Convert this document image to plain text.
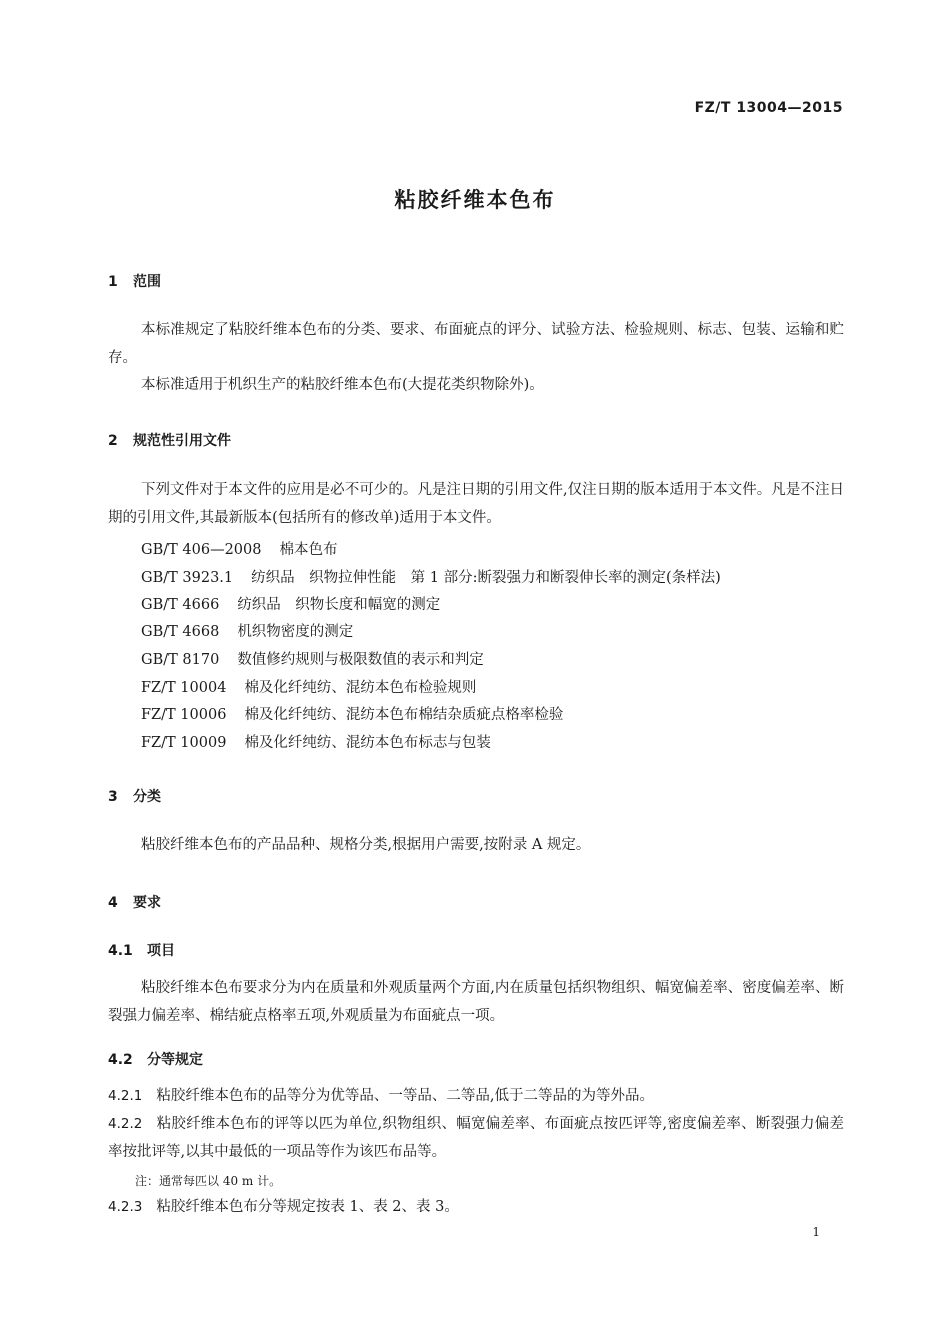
FZ/T 13004—2015
粘胶纤维本色布
1 范围
本标准规定了粘胶纤维本色布的分类、要求、布面疵点的评分、试验方法、检验规则、标志、包装、运输和贮存。
本标准适用于机织生产的粘胶纤维本色布(大提花类织物除外)。
2 规范性引用文件
下列文件对于本文件的应用是必不可少的。凡是注日期的引用文件,仅注日期的版本适用于本文件。凡是不注日期的引用文件,其最新版本(包括所有的修改单)适用于本文件。
GB/T 406—2008 棉本色布
GB/T 3923.1 纺织品　织物拉伸性能　第 1 部分:断裂强力和断裂伸长率的测定(条样法)
GB/T 4666 纺织品　织物长度和幅宽的测定
GB/T 4668 机织物密度的测定
GB/T 8170 数值修约规则与极限数值的表示和判定
FZ/T 10004 棉及化纤纯纺、混纺本色布检验规则
FZ/T 10006 棉及化纤纯纺、混纺本色布棉结杂质疵点格率检验
FZ/T 10009 棉及化纤纯纺、混纺本色布标志与包装
3 分类
粘胶纤维本色布的产品品种、规格分类,根据用户需要,按附录 A 规定。
4 要求
4.1 项目
粘胶纤维本色布要求分为内在质量和外观质量两个方面,内在质量包括织物组织、幅宽偏差率、密度偏差率、断裂强力偏差率、棉结疵点格率五项,外观质量为布面疵点一项。
4.2 分等规定
4.2.1 粘胶纤维本色布的品等分为优等品、一等品、二等品,低于二等品的为等外品。
4.2.2 粘胶纤维本色布的评等以匹为单位,织物组织、幅宽偏差率、布面疵点按匹评等,密度偏差率、断裂强力偏差率按批评等,以其中最低的一项品等作为该匹布品等。
注：通常每匹以 40 m 计。
4.2.3 粘胶纤维本色布分等规定按表 1、表 2、表 3。
1
